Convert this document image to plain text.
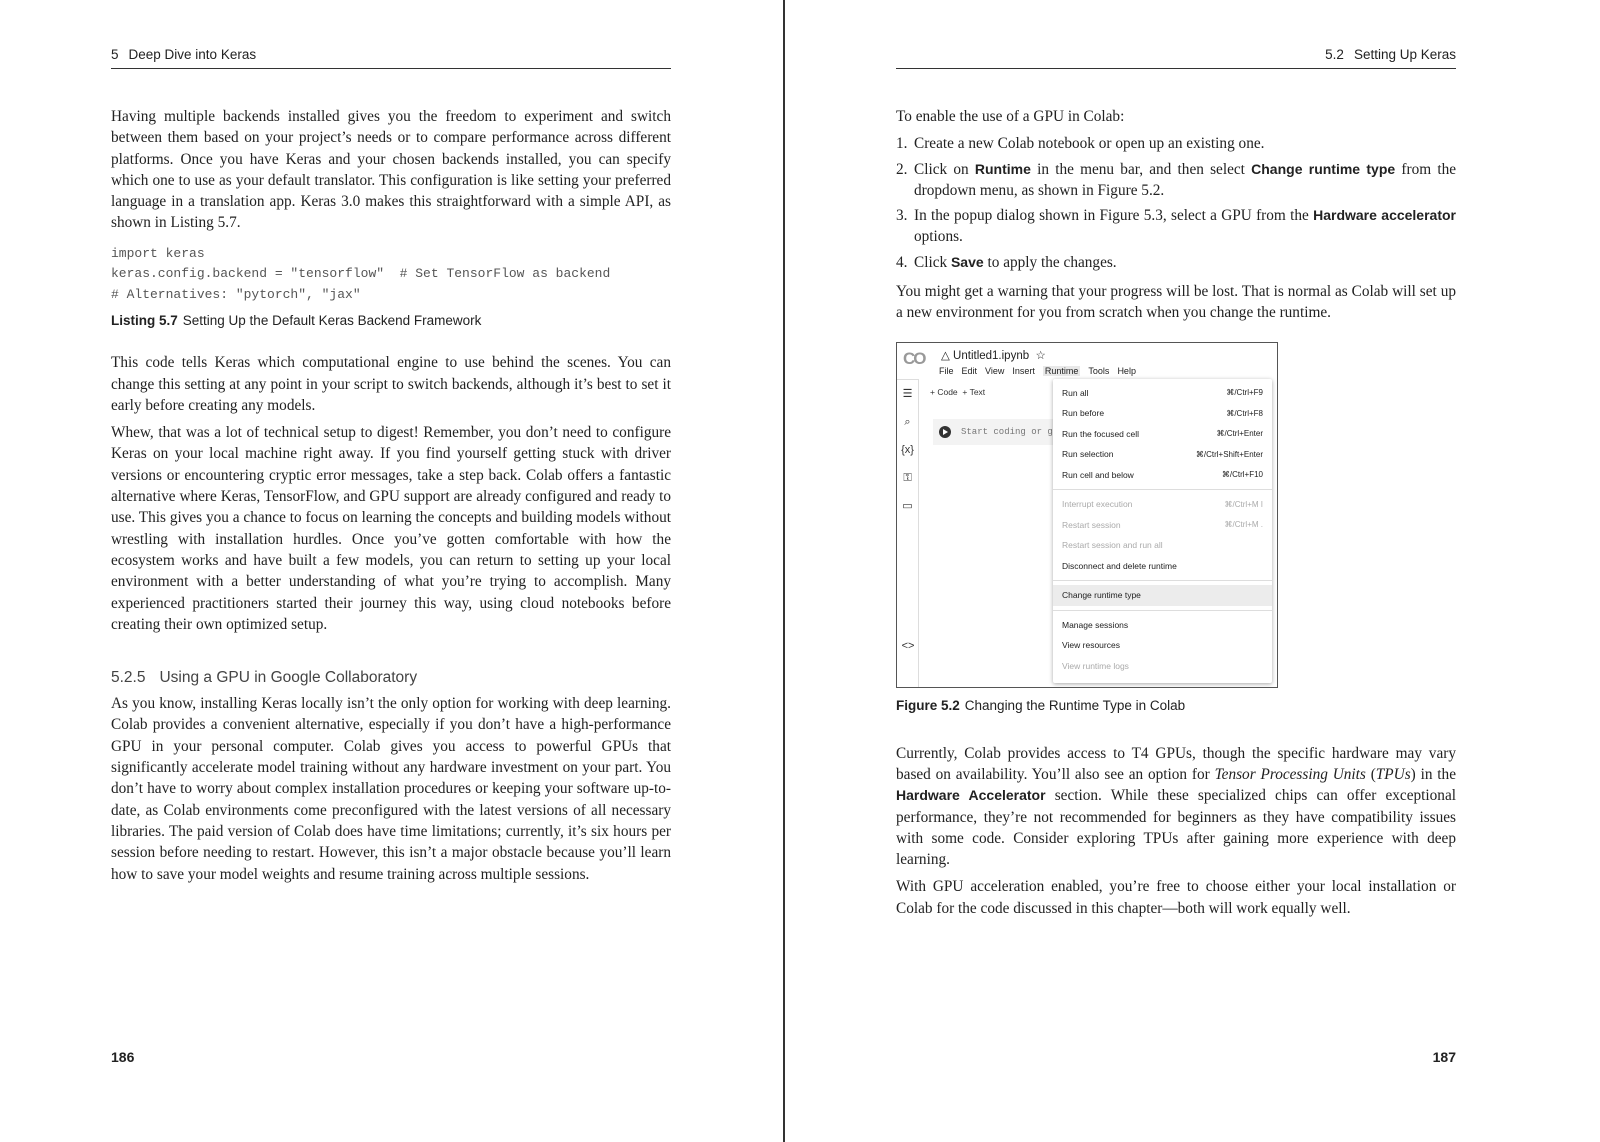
5 Deep Dive into Keras

Having multiple backends installed gives you the freedom to experiment and switch between them based on your project’s needs or to compare performance across different platforms. Once you have Keras and your chosen backends installed, you can specify which one to use as your default translator. This configuration is like setting your preferred language in a translation app. Keras 3.0 makes this straightforward with a simple API, as shown in Listing 5.7.

import keras
keras.config.backend = "tensorflow"  # Set TensorFlow as backend
# Alternatives: "pytorch", "jax"
Listing 5.7 Setting Up the Default Keras Backend Framework

This code tells Keras which computational engine to use behind the scenes. You can change this setting at any point in your script to switch backends, although it’s best to set it early before creating any models.

Whew, that was a lot of technical setup to digest! Remember, you don’t need to configure Keras on your local machine right away. If you find yourself getting stuck with driver versions or encountering cryptic error messages, take a step back. Colab offers a fantastic alternative where Keras, TensorFlow, and GPU support are already configured and ready to use. This gives you a chance to focus on learning the concepts and building models without wrestling with installation hurdles. Once you’ve gotten comfortable with how the ecosystem works and have built a few models, you can return to setting up your local environment with a better understanding of what you’re trying to accomplish. Many experienced practitioners started their journey this way, using cloud notebooks before creating their own optimized setup.

5.2.5 Using a GPU in Google Collaboratory

As you know, installing Keras locally isn’t the only option for working with deep learning. Colab provides a convenient alternative, especially if you don’t have a high-performance GPU in your personal computer. Colab gives you access to powerful GPUs that significantly accelerate model training without any hardware investment on your part. You don’t have to worry about complex installation procedures or keeping your software up-to-date, as Colab environments come preconfigured with the latest versions of all necessary libraries. The paid version of Colab does have time limitations; currently, it’s six hours per session before needing to restart. However, this isn’t a major obstacle because you’ll learn how to save your model weights and resume training across multiple sessions.

186
5.2 Setting Up Keras

To enable the use of a GPU in Colab:

1. Create a new Colab notebook or open up an existing one.
2. Click on Runtime in the menu bar, and then select Change runtime type from the dropdown menu, as shown in Figure 5.2.
3. In the popup dialog shown in Figure 5.3, select a GPU from the Hardware accelerator options.
4. Click Save to apply the changes.

You might get a warning that your progress will be lost. That is normal as Colab will set up a new environment for you from scratch when you change the runtime.

CO △ Untitled1.ipynb ☆
File Edit View Insert Runtime Tools Help
☰
⌕
{x}
⚿
▭
<>
+ Code + Text
Start coding or g
Run all	⌘/Ctrl+F9
Run before	⌘/Ctrl+F8
Run the focused cell	⌘/Ctrl+Enter
Run selection	⌘/Ctrl+Shift+Enter
Run cell and below	⌘/Ctrl+F10
Interrupt execution	⌘/Ctrl+M I
Restart session	⌘/Ctrl+M .
Restart session and run all
Disconnect and delete runtime
Change runtime type
Manage sessions
View resources
View runtime logs
Figure 5.2 Changing the Runtime Type in Colab

Currently, Colab provides access to T4 GPUs, though the specific hardware may vary based on availability. You’ll also see an option for Tensor Processing Units (TPUs) in the Hardware Accelerator section. While these specialized chips can offer exceptional performance, they’re not recommended for beginners as they have compatibility issues with some code. Consider exploring TPUs after gaining more experience with deep learning.

With GPU acceleration enabled, you’re free to choose either your local installation or Colab for the code discussed in this chapter—both will work equally well.

187
